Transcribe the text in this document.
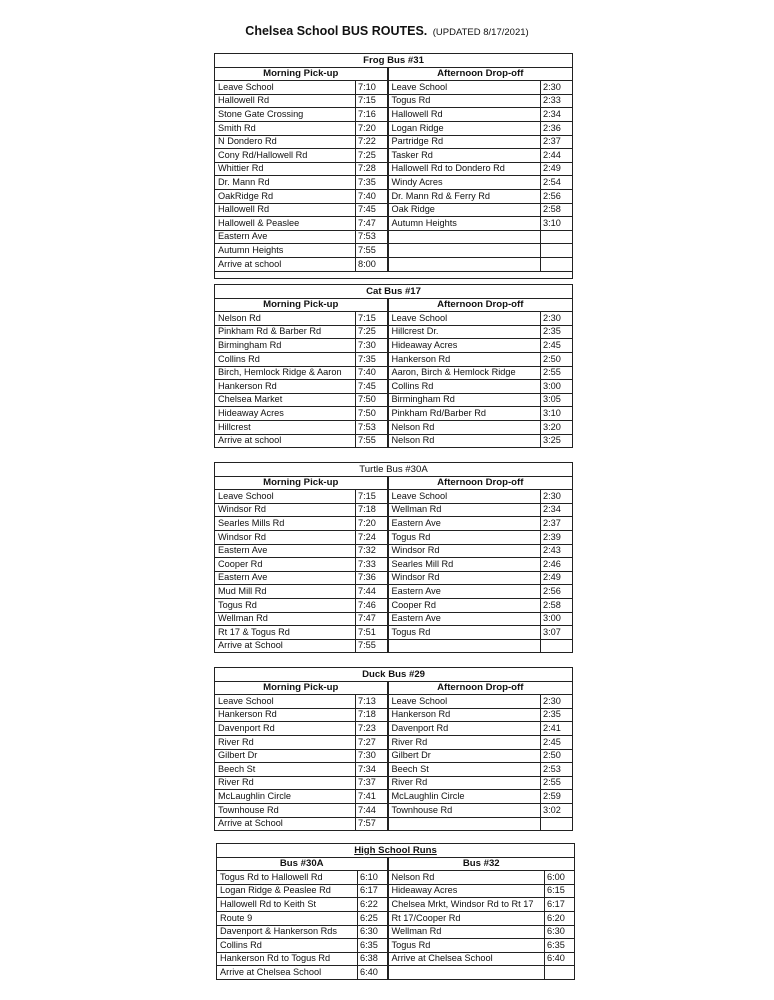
Chelsea School BUS ROUTES. (UPDATED 8/17/2021)
Frog Bus #31			
Morning Pick-up		Afternoon Drop-off	
Leave School	7:10	Leave School	2:30
Hallowell Rd	7:15	Togus Rd	2:33
Stone Gate Crossing	7:16	Hallowell Rd	2:34
Smith Rd	7:20	Logan Ridge	2:36
N Dondero Rd	7:22	Partridge Rd	2:37
Cony Rd/Hallowell Rd	7:25	Tasker Rd	2:44
Whittier Rd	7:28	Hallowell Rd to Dondero Rd	2:49
Dr. Mann Rd	7:35	Windy Acres	2:54
OakRidge Rd	7:40	Dr. Mann Rd & Ferry Rd	2:56
Hallowell Rd	7:45	Oak Ridge	2:58
Hallowell & Peaslee	7:47	Autumn Heights	3:10
Eastern Ave	7:53		
Autumn Heights	7:55		
Arrive at school	8:00		

Cat Bus #17			
Morning Pick-up		Afternoon Drop-off	
Nelson Rd	7:15	Leave School	2:30
Pinkham Rd & Barber Rd	7:25	Hillcrest Dr.	2:35
Birmingham Rd	7:30	Hideaway Acres	2:45
Collins Rd	7:35	Hankerson Rd	2:50
Birch, Hemlock Ridge & Aaron	7:40	Aaron, Birch & Hemlock Ridge	2:55
Hankerson Rd	7:45	Collins Rd	3:00
Chelsea Market	7:50	Birmingham Rd	3:05
Hideaway Acres	7:50	Pinkham Rd/Barber Rd	3:10
Hillcrest	7:53	Nelson Rd	3:20
Arrive at school	7:55	Nelson Rd	3:25
Turtle Bus #30A			
Morning Pick-up		Afternoon Drop-off	
Leave School	7:15	Leave School	2:30
Windsor Rd	7:18	Wellman Rd	2:34
Searles Mills Rd	7:20	Eastern Ave	2:37
Windsor Rd	7:24	Togus Rd	2:39
Eastern Ave	7:32	Windsor Rd	2:43
Cooper Rd	7:33	Searles Mill Rd	2:46
Eastern Ave	7:36	Windsor Rd	2:49
Mud Mill Rd	7:44	Eastern Ave	2:56
Togus Rd	7:46	Cooper Rd	2:58
Wellman Rd	7:47	Eastern Ave	3:00
Rt 17 & Togus Rd	7:51	Togus Rd	3:07
Arrive at School	7:55		
Duck Bus #29			
Morning Pick-up		Afternoon Drop-off	
Leave School	7:13	Leave School	2:30
Hankerson Rd	7:18	Hankerson Rd	2:35
Davenport Rd	7:23	Davenport Rd	2:41
River Rd	7:27	River Rd	2:45
Gilbert Dr	7:30	Gilbert Dr	2:50
Beech St	7:34	Beech St	2:53
River Rd	7:37	River Rd	2:55
McLaughlin Circle	7:41	McLaughlin Circle	2:59
Townhouse Rd	7:44	Townhouse Rd	3:02
Arrive at School	7:57		
High School Runs			
Bus #30A		Bus #32	
Togus Rd to Hallowell Rd	6:10	Nelson Rd	6:00
Logan Ridge & Peaslee Rd	6:17	Hideaway Acres	6:15
Hallowell Rd to Keith St	6:22	Chelsea Mrkt, Windsor Rd to Rt 17	6:17
Route 9	6:25	Rt 17/Cooper Rd	6:20
Davenport & Hankerson Rds	6:30	Wellman Rd	6:30
Collins Rd	6:35	Togus Rd	6:35
Hankerson Rd to Togus Rd	6:38	Arrive at Chelsea School	6:40
Arrive at Chelsea School	6:40		
